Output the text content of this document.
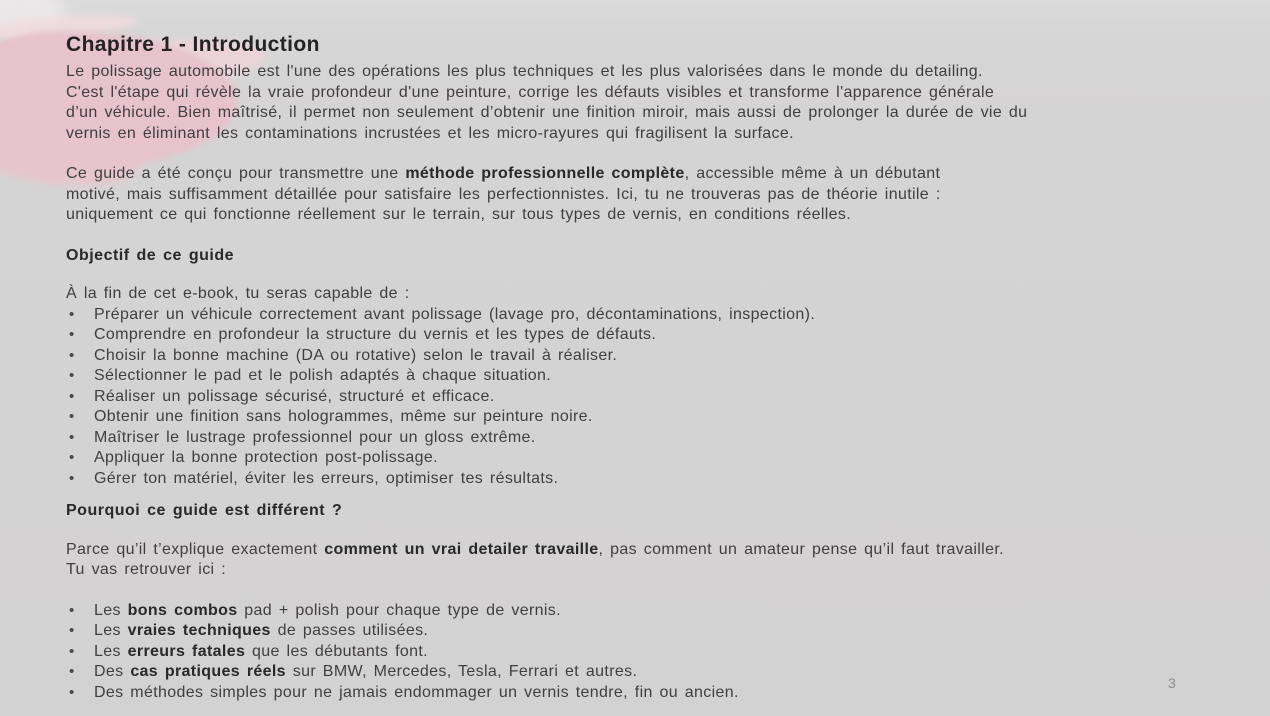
Chapitre 1 - Introduction
Le polissage automobile est l'une des opérations les plus techniques et les plus valorisées dans le monde du detailing.
C'est l'étape qui révèle la vraie profondeur d'une peinture, corrige les défauts visibles et transforme l'apparence générale
d’un véhicule. Bien maîtrisé, il permet non seulement d’obtenir une finition miroir, mais aussi de prolonger la durée de vie du
vernis en éliminant les contaminations incrustées et les micro-rayures qui fragilisent la surface.
Ce guide a été conçu pour transmettre une méthode professionnelle complète, accessible même à un débutant
motivé, mais suffisamment détaillée pour satisfaire les perfectionnistes. Ici, tu ne trouveras pas de théorie inutile :
uniquement ce qui fonctionne réellement sur le terrain, sur tous types de vernis, en conditions réelles.
Objectif de ce guide
À la fin de cet e-book, tu seras capable de :
• Préparer un véhicule correctement avant polissage (lavage pro, décontaminations, inspection).
• Comprendre en profondeur la structure du vernis et les types de défauts.
• Choisir la bonne machine (DA ou rotative) selon le travail à réaliser.
• Sélectionner le pad et le polish adaptés à chaque situation.
• Réaliser un polissage sécurisé, structuré et efficace.
• Obtenir une finition sans hologrammes, même sur peinture noire.
• Maîtriser le lustrage professionnel pour un gloss extrême.
• Appliquer la bonne protection post-polissage.
• Gérer ton matériel, éviter les erreurs, optimiser tes résultats.
Pourquoi ce guide est différent ?
Parce qu’il t’explique exactement comment un vrai detailer travaille, pas comment un amateur pense qu’il faut travailler.
Tu vas retrouver ici :
• Les bons combos pad + polish pour chaque type de vernis.
• Les vraies techniques de passes utilisées.
• Les erreurs fatales que les débutants font.
• Des cas pratiques réels sur BMW, Mercedes, Tesla, Ferrari et autres.
• Des méthodes simples pour ne jamais endommager un vernis tendre, fin ou ancien.
3
